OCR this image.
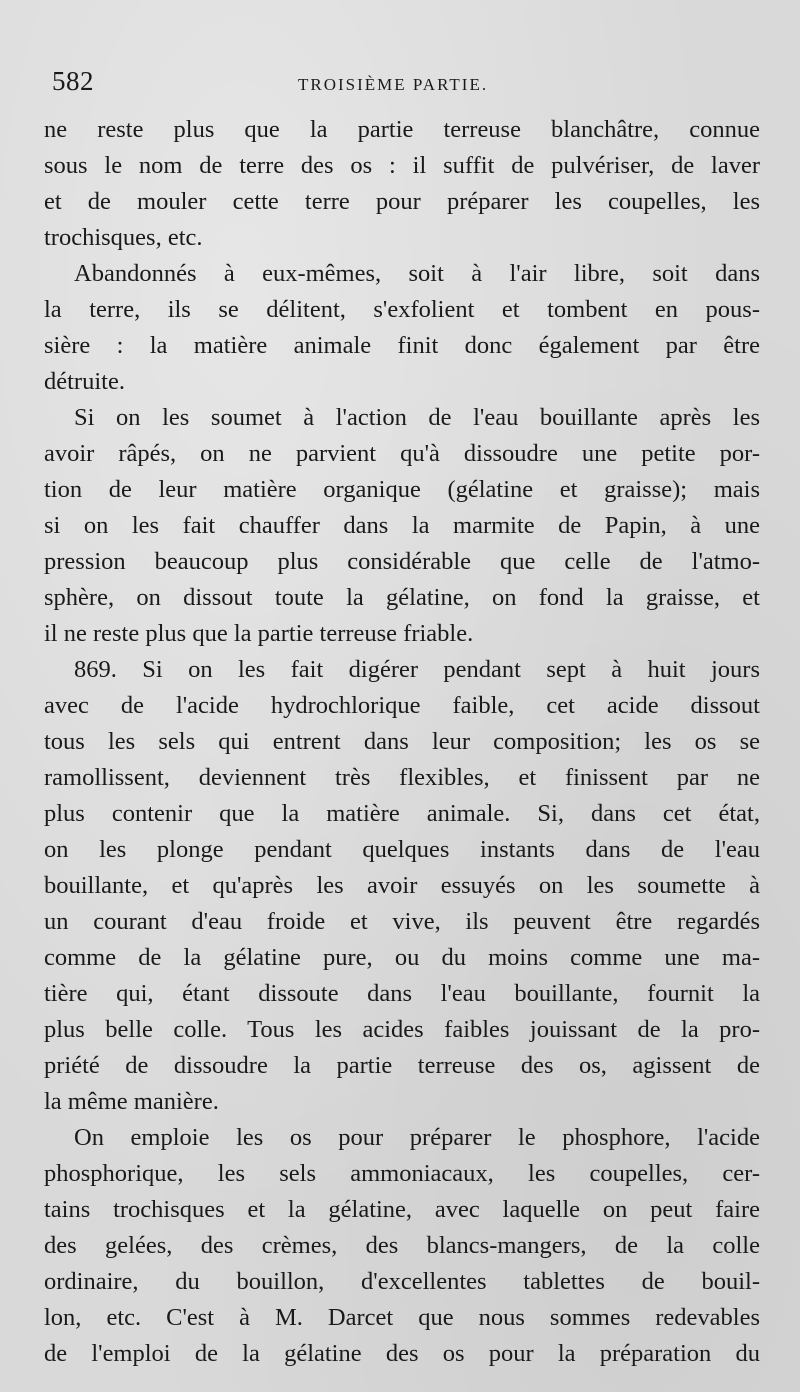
582	TROISIÈME PARTIE.
ne reste plus que la partie terreuse blanchâtre, connue
sous le nom de terre des os : il suffit de pulvériser, de laver
et de mouler cette terre pour préparer les coupelles, les
trochisques, etc.
Abandonnés à eux-mêmes, soit à l'air libre, soit dans
la terre, ils se délitent, s'exfolient et tombent en pous-
sière : la matière animale finit donc également par être
détruite.
Si on les soumet à l'action de l'eau bouillante après les
avoir râpés, on ne parvient qu'à dissoudre une petite por-
tion de leur matière organique (gélatine et graisse); mais
si on les fait chauffer dans la marmite de Papin, à une
pression beaucoup plus considérable que celle de l'atmo-
sphère, on dissout toute la gélatine, on fond la graisse, et
il ne reste plus que la partie terreuse friable.
869. Si on les fait digérer pendant sept à huit jours
avec de l'acide hydrochlorique faible, cet acide dissout
tous les sels qui entrent dans leur composition; les os se
ramollissent, deviennent très flexibles, et finissent par ne
plus contenir que la matière animale. Si, dans cet état,
on les plonge pendant quelques instants dans de l'eau
bouillante, et qu'après les avoir essuyés on les soumette à
un courant d'eau froide et vive, ils peuvent être regardés
comme de la gélatine pure, ou du moins comme une ma-
tière qui, étant dissoute dans l'eau bouillante, fournit la
plus belle colle. Tous les acides faibles jouissant de la pro-
priété de dissoudre la partie terreuse des os, agissent de
la même manière.
On emploie les os pour préparer le phosphore, l'acide
phosphorique, les sels ammoniacaux, les coupelles, cer-
tains trochisques et la gélatine, avec laquelle on peut faire
des gelées, des crèmes, des blancs-mangers, de la colle
ordinaire, du bouillon, d'excellentes tablettes de bouil-
lon, etc. C'est à M. Darcet que nous sommes redevables
de l'emploi de la gélatine des os pour la préparation du
